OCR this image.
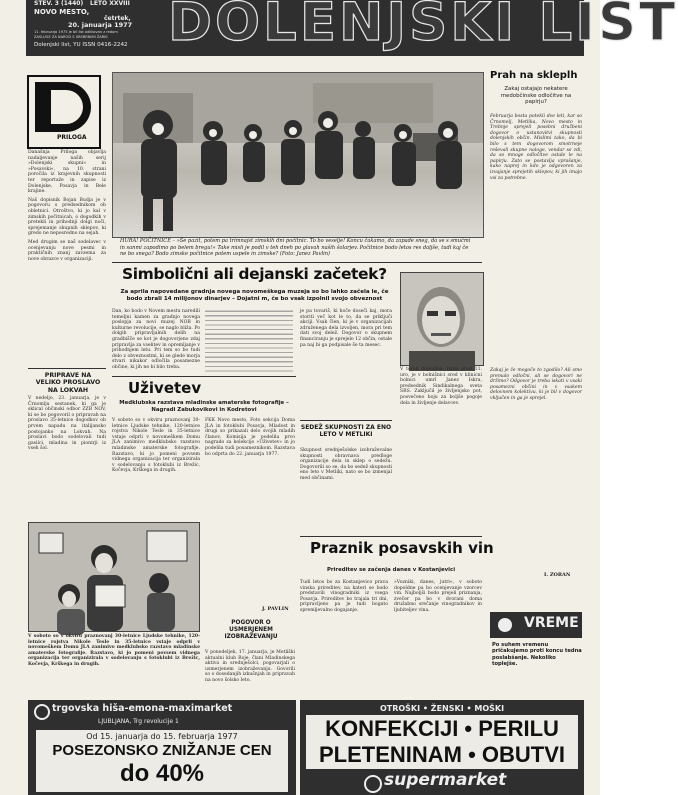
ŠTEV. 3 (1440) LETO XXVIII
NOVO MESTO,
četrtek,
20. januarja 1977
11. februarja 1975 je bil list odlikovan z redom
ZASLUGE ZA NAROD S SREBRNIMI ŽARKI
Dolenjski list, YU ISSN 0416-2242 DOLENJSKI LIST
PRILOGA
Današnja Priloga objavlja nadaljevanje naših serij »Dolenjski skupni« in »Posavski«, na 10. strani poročila iz krajevnih skupnosti ter reportaže in zapise iz Dolenjske, Posavja in Bele krajine.
Naš dopisnik Bojan Budja je v pogovoru s predsednikom ob obletnici. Otroštvo, ki jo kal v zimskih počitnicah, o dogodkih v pretekli in prihodnji dolgi noči, sprejemanje skupnih sklepov, ki gredo ne neposredno na sejah.
Med drugim se naš sodelavec v ocenjevanju nove pesmi in praktičnih znanj zavzema za nove obrazce v organizaciji.
PRIPRAVE NA VELIKO PROSLAVO NA LOKVAH
V nedeljo, 23. januarja, je v Črnomlju sestanek, ki ga je sklical občinski odbor ZZB NOV, ki se bo pogovoril o pripravah na proslavo 35-letnice dogodkov ob prvem napadu na italijansko postojanko na Lokvah. Na proslavi bodo sodelovali tudi gasilci, mladina in pionirji iz vseh šol.
HURA! POČITNICE – »Še pazit, potem pa trimnajst zimskih dni počitnic. To bo veselje! Koncu čakamo, da zapade sneg, da se s smučmi in sanmi zapodimo po belem bregu!« Take misli je podil v teh dneh po glavah naših šolarjev. Počitnice bodo letos res daljše, tudi kaj če ne bo snega? Bodo zimske počitnice potem uspele in zimske? (Foto: Janez Pavlin)
Simbolični ali dejanski začetek?
Za aprila napovedane gradnja novega novomeškega muzeja so bo lahko začela le, če bodo zbrali 14 milijonov dinarjev – Dojatni m, če bo vsak izpolnil svojo obveznost
Dan, ko bodo v Novem mestu naredili temeljni kamen za gradnjo novega poslopja za novi muzej NOB in kulturne revolucije, se naglo bliža. Po dolgih pripravljalnih delih na gradbišče se kot je dogovorjeno zdaj pripravlja za vselitev in opremljanje v prihodnjem letu. Pri tem so bo tudi delo z obveznostmi, ki se glede morja stvari nikakor odločila posamezne občine, ki jih ne bi bilo treba.
je pa tovariš, ki hoče doseči kaj, mora storiti več kot le to, da se priključi akciji. Vsak člen, ki je v organizacijah združenega dela izvoljen, mora pri tem dati svoj delež. Dogovor o skupnem financiranju je sprejelo 12 občin, ostale pa naj bi ga podpisale še ta mesec.
SEDEŽ SKUPNOSTI ZA ENO LETO V METLIKI
Skupnost srednješolske izobraževalne skupnosti obravnava predloge organizacije dela in sklep o sedežu. Dogovorili so se, da bo sedež skupnosti eno leto v Metliki, nato se bo izmenjal med občinami.
V torek dopoldne, malo pred 11. uro, je v bolnišnici sred v klinicni bolnici umrl Janez Iskra, predsednik Sindikalnega sveta SRS. Zaključil je življenjsko pot, posvečeno boju za boljše pogoje dela in življenje delavcev.
Uživetev
Medklubska razstava mladinske amaterske fotografije – Nagradi Zabukovikovi in Kodretovi
V soboto so v okviru praznovanj 30-letnice Ljudske tehnike, 120-letnice rojstva Nikole Tesle in 35-letnice vstaje odprli v novomeškem Domu JLA zanimivo medklubsko razstavo mladinske amaterske fotografije. Razstavo, ki jo pomeni povsem vidnega organizacija ter organizirala v sodelovanju s fotoklubi iz Brežic, Kočevja, Krškega in drugih.
FKK Novo mesto, Foto sekcija Doma JLA in fotoklubi Posavja, Mladost in drugi so prikazali delo svojih mladih članov. Komisija je podelila prvo nagrado za kolekcijo »Uživetev« in jo podelila tudi posameznikom. Razstava bo odprta do 22. januarja 1977.
J. PAVLIN
POGOVOR O USMERJENEM IZOBRAŽEVANJU
V ponedeljek, 17. januarja, je Metliški aktualni klub Roje, člani Mladinskega aktiva in srednješolci, pogovarjali o usmerjenem izobraževanju. Govorili so o dosedanjih izkušnjah in pripravah na novo šolsko leto.
V soboto so v okviru praznovanj 30-letnice Ljudske tehnike, 120-letnice rojstva Nikole Tesle in 35-letnice vstaje odprli v novomeškem Domu JLA zanimivo medklubsko razstavo mladinske amaterske fotografije. Razstavo, ki jo pomeni povsem vidnega organizacija ter organizirala v sodelovanju s fotoklubi iz Brežic, Kočevja, Krškega in drugih.
Praznik posavskih vin
Prireditev se začenja danes v Kostanjevici
Tudi letos bo za Kostanjevico prava vinska prireditev, na kateri se bodo predstavili vinogradniki iz vsega Posavja. Prireditev bo trajala tri dni, pripravljeno pa je tudi bogato spremljevalno dogajanje.
»Vozniki, danes, jutri«, v soboto dopoldne pa bo ocenjevanje vzorcev vin. Najboljši bodo prejeli priznanja, zvečer pa bo v dvorani doma družabno srečanje vinogradnikov in ljubiteljev vina.
Prah na skleplh
Zakaj ostajajo nekatere medobčinske odločitve na papirju?
Februarja bosta potekli dve leti, kar so Črnomelj, Metlika, Novo mesto in Trebnje sprejeli posebni družbeni dogovor o ustanovitvi skupnosti dolenjskih občin. Mislimi tako, da bi bilo s tem dogovorom smotrneje reševali skupne naloge, vendar se zdi, da so mnoge odločitve ostale le na papirju. Zato se postavlja vprašanje, kako naprej in kdo je odgovoren za izvajanje sprejetih sklepov, ki jih imajo vsi za potrebne.
Zakaj je že mogoče to zgodilo? Ali smo premalo odločni, ali se dogovori ne držimo? Odgovor je treba iskati v vsaki posamezni občini in v vsakem delovnem kolektivu, ki je bil v dogovor vključen in ga je sprejel.
I. ZORAN
VREME
Po suhem vremenu pričakujemo proti koncu tedna poslabšanje. Nekoliko toplejše.
trgovska hiša-emona-maximarket
LJUBLJANA, Trg revolucije 1
Od 15. januarja do 15. februarja 1977
POSEZONSKO ZNIŽANJE CEN
do 40%
OTROŠKI • ŽENSKI • MOŠKI
KONFEKCIJI • PERILU
PLETENINAM • OBUTVI
supermarket
